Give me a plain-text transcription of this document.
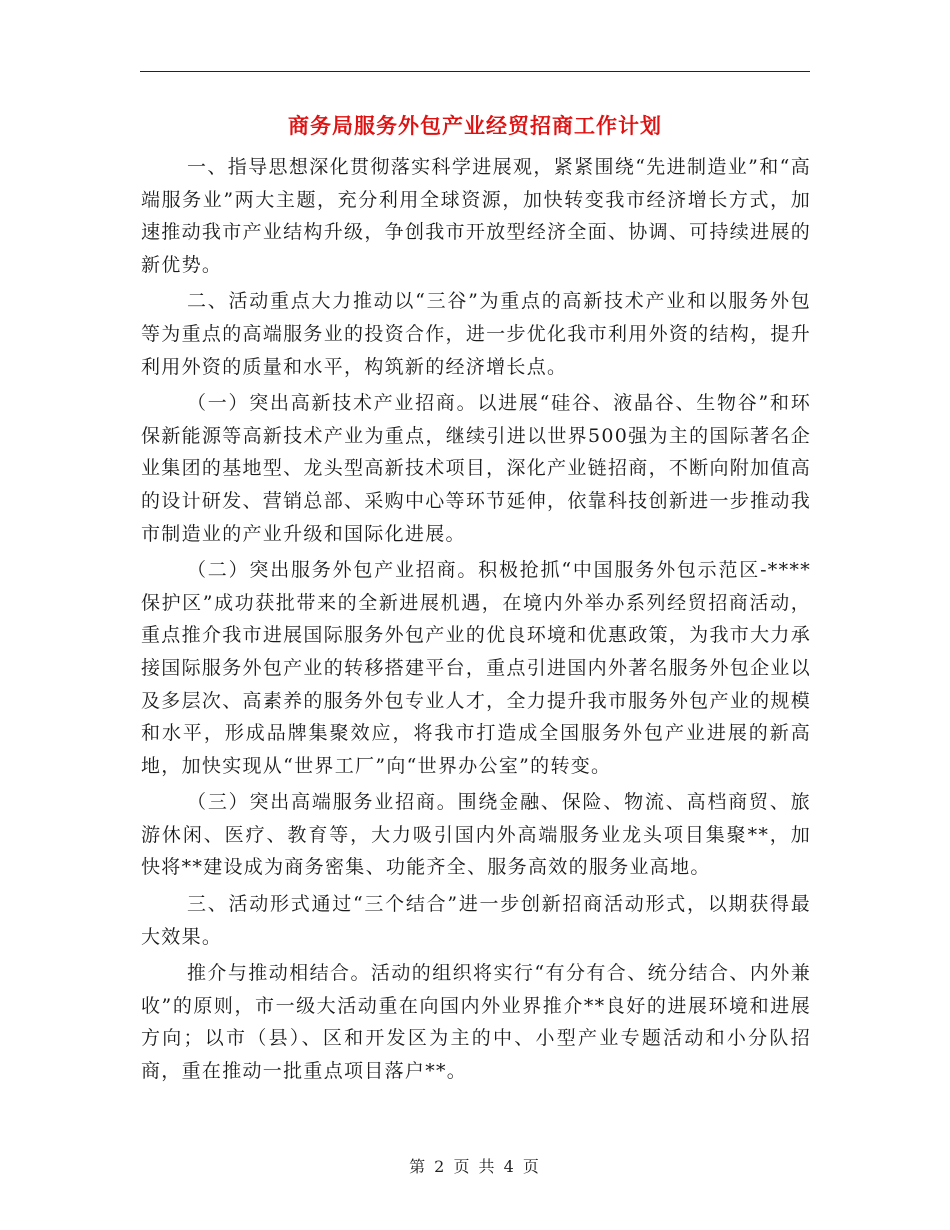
商务局服务外包产业经贸招商工作计划

一、指导思想深化贯彻落实科学进展观，紧紧围绕“先进制造业”和“高端服务业”两大主题，充分利用全球资源，加快转变我市经济增长方式，加速推动我市产业结构升级，争创我市开放型经济全面、协调、可持续进展的新优势。

二、活动重点大力推动以“三谷”为重点的高新技术产业和以服务外包等为重点的高端服务业的投资合作，进一步优化我市利用外资的结构，提升利用外资的质量和水平，构筑新的经济增长点。

（一）突出高新技术产业招商。以进展“硅谷、液晶谷、生物谷”和环保新能源等高新技术产业为重点，继续引进以世界500强为主的国际著名企业集团的基地型、龙头型高新技术项目，深化产业链招商，不断向附加值高的设计研发、营销总部、采购中心等环节延伸，依靠科技创新进一步推动我市制造业的产业升级和国际化进展。

（二）突出服务外包产业招商。积极抢抓“中国服务外包示范区-****保护区”成功获批带来的全新进展机遇，在境内外举办系列经贸招商活动，重点推介我市进展国际服务外包产业的优良环境和优惠政策，为我市大力承接国际服务外包产业的转移搭建平台，重点引进国内外著名服务外包企业以及多层次、高素养的服务外包专业人才，全力提升我市服务外包产业的规模和水平，形成品牌集聚效应，将我市打造成全国服务外包产业进展的新高地，加快实现从“世界工厂”向“世界办公室”的转变。

（三）突出高端服务业招商。围绕金融、保险、物流、高档商贸、旅游休闲、医疗、教育等，大力吸引国内外高端服务业龙头项目集聚**，加快将**建设成为商务密集、功能齐全、服务高效的服务业高地。

三、活动形式通过“三个结合”进一步创新招商活动形式，以期获得最大效果。

推介与推动相结合。活动的组织将实行“有分有合、统分结合、内外兼收”的原则，市一级大活动重在向国内外业界推介**良好的进展环境和进展方向；以市（县）、区和开发区为主的中、小型产业专题活动和小分队招商，重在推动一批重点项目落户**。

第 2 页 共 4 页
